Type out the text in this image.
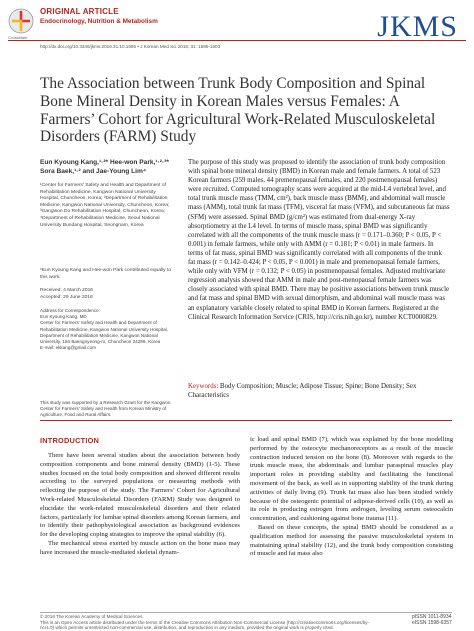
CrossMark
ORIGINAL ARTICLE
Endocrinology, Nutrition & Metabolism
http://dx.doi.org/10.3346/jkms.2016.31.10.1595 • J Korean Med Sci 2016; 31: 1595-1603
JKMS
The Association between Trunk Body Composition and Spinal Bone Mineral Density in Korean Males versus Females: A Farmers’ Cohort for Agricultural Work-Related Musculoskeletal Disorders (FARM) Study
Eun Kyoung Kang,¹·²* Hee-won Park,¹·²·³* Sora Baek,¹·² and Jae-Young Lim⁴

¹Center for Farmers’ Safety and Health and Department of Rehabilitation Medicine, Kangwon National University Hospital, Chuncheon, Korea; ²Department of Rehabilitation Medicine, Kangwon National University, Chuncheon, Korea; ³Gangwon Do Rehabilitation Hospital, Chuncheon, Korea; ⁴Department of Rehabilitation Medicine, Seoul National University Bundang Hospital, Seongnam, Korea

*Eun Kyoung Kang and Hee-won Park contributed equally to this work.
Received: 4 March 2016
Accepted: 29 June 2016
Address for Correspondence:
Eun Kyoung Kang, MD
Center for Farmers’ Safety and Health and Department of Rehabilitation Medicine, Kangwon National University Hospital, Department of Rehabilitation Medicine, Kangwon National University, 156 Baengnyeong-ro, Chuncheon 24289, Korea
E-mail: ekkang@gmail.com
This study was supported by a Research Grant for the Kangwon Center for Farmers’ Safety and Health from Korean Ministry of Agriculture, Food and Rural Affairs.
The purpose of this study was proposed to identify the association of trunk body composition with spinal bone mineral density (BMD) in Korean male and female farmers. A total of 523 Korean farmers (259 males, 44 premenopausal females, and 220 postmenopausal females) were recruited. Computed tomography scans were acquired at the mid-L4 vertebral level, and total trunk muscle mass (TMM, cm²), back muscle mass (BMM), and abdominal wall muscle mass (AMM), total trunk fat mass (TFM), visceral fat mass (VFM), and subcutaneous fat mass (SFM) were assessed. Spinal BMD (g/cm²) was estimated from dual-energy X-ray absorptiometry at the L4 level. In terms of muscle mass, spinal BMD was significantly correlated with all the components of the trunk muscle mass (r = 0.171–0.360; P < 0.05, P < 0.001) in female farmers, while only with AMM (r = 0.181; P < 0.01) in male farmers. In terms of fat mass, spinal BMD was significantly correlated with all components of the trunk fat mass (r = 0.142–0.424; P < 0.05, P < 0.001) in male and premenopausal female farmers, while only with VFM (r = 0.132; P < 0.05) in postmenopausal females. Adjusted multivariate regression analysis showed that AMM in male and post-menopausal female farmers was closely associated with spinal BMD. There may be positive associations between trunk muscle and fat mass and spinal BMD with sexual dimorphism, and abdominal wall muscle mass was an explanatory variable closely related to spinal BMD in Korean farmers. Registered at the Clinical Research Information Service (CRIS, http://cris.nih.go.kr), number KCT0000829.
Keywords: Body Composition; Muscle; Adipose Tissue; Spine; Bone Density; Sex Characteristics
INTRODUCTION

There have been several studies about the association between body composition components and bone mineral density (BMD) (1-5). These studies focused on the total body composition and showed different results according to the surveyed populations or measuring methods with reflecting the purpose of the study. The Farmers’ Cohort for Agricultural Work-related Musculoskeletal Disorders (FARM) Study was designed to elucidate the work-related musculoskeletal disorders and their related factors, particularly for lumbar spinal disorders among Korean farmers, and to identify their pathophysiological association as background evidences for the developing coping strategies to improve the spinal stability (6).

The mechanical stress exerted by muscle action on the bone mass may have increased the muscle-mediated skeletal dynam-

ic load and spinal BMD (7), which was explained by the bone modelling performed by the osteocyte mechanoreceptors as a result of the muscle contraction induced tension on the bone (8). Moreover with regards to the trunk muscle mass, the abdominals and lumbar paraspinal muscles play important roles in providing stability and facilitating the functional movement of the back, as well as in supporting stability of the trunk during activities of daily living (9). Trunk fat mass also has been studied widely because of the osteogenic potential of adipose-derived cells (10), as well as its role in producing estrogen from androgen, leveling serum osteocalcin concentration, and cushioning against bone trauma (11).

Based on these concepts, the spinal BMD should be considered as a qualification method for assessing the passive musculoskeletal system in maintaining spinal stability (12), and the trunk body composition consisting of muscle and fat mass also

© 2016 The Korean Academy of Medical Sciences.
This is an Open Access article distributed under the terms of the Creative Commons Attribution Non-Commercial License (http://creativecommons.org/licenses/by-nc/4.0) which permits unrestricted non-commercial use, distribution, and reproduction in any medium, provided the original work is properly cited.
pISSN 1011-8934
eISSN 1598-6357
